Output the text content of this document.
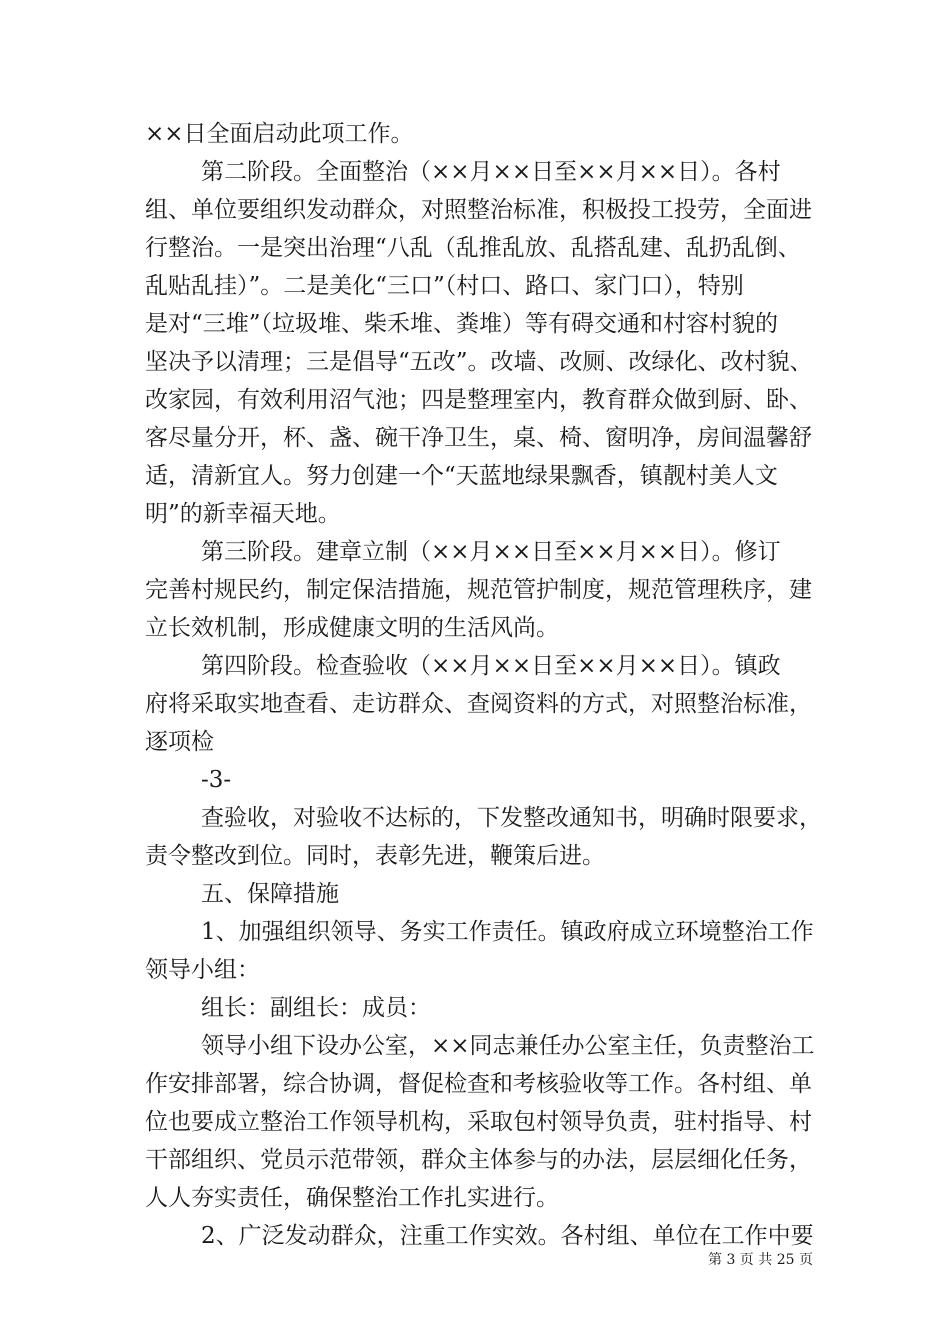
××日全面启动此项工作。
第二阶段。全面整治（××月××日至××月××日）。各村
组、单位要组织发动群众，对照整治标准，积极投工投劳，全面进
行整治。一是突出治理“八乱（乱推乱放、乱搭乱建、乱扔乱倒、
乱贴乱挂）”。二是美化“三口”（村口、路口、家门口），特别
是对“三堆”（垃圾堆、柴禾堆、粪堆）等有碍交通和村容村貌的
坚决予以清理；三是倡导“五改”。改墙、改厕、改绿化、改村貌、
改家园，有效利用沼气池；四是整理室内，教育群众做到厨、卧、
客尽量分开，杯、盏、碗干净卫生，桌、椅、窗明净，房间温馨舒
适，清新宜人。努力创建一个“天蓝地绿果飘香，镇靓村美人文
明”的新幸福天地。
第三阶段。建章立制（××月××日至××月××日）。修订
完善村规民约，制定保洁措施，规范管护制度，规范管理秩序，建
立长效机制，形成健康文明的生活风尚。
第四阶段。检查验收（××月××日至××月××日）。镇政
府将采取实地查看、走访群众、查阅资料的方式，对照整治标准，
逐项检
-3-
查验收，对验收不达标的，下发整改通知书，明确时限要求，
责令整改到位。同时，表彰先进，鞭策后进。
五、保障措施
1、加强组织领导、务实工作责任。镇政府成立环境整治工作
领导小组：
组长：副组长：成员：
领导小组下设办公室，××同志兼任办公室主任，负责整治工
作安排部署，综合协调，督促检查和考核验收等工作。各村组、单
位也要成立整治工作领导机构，采取包村领导负责，驻村指导、村
干部组织、党员示范带领，群众主体参与的办法，层层细化任务，
人人夯实责任，确保整治工作扎实进行。
2、广泛发动群众，注重工作实效。各村组、单位在工作中要
第 3 页 共 25 页
